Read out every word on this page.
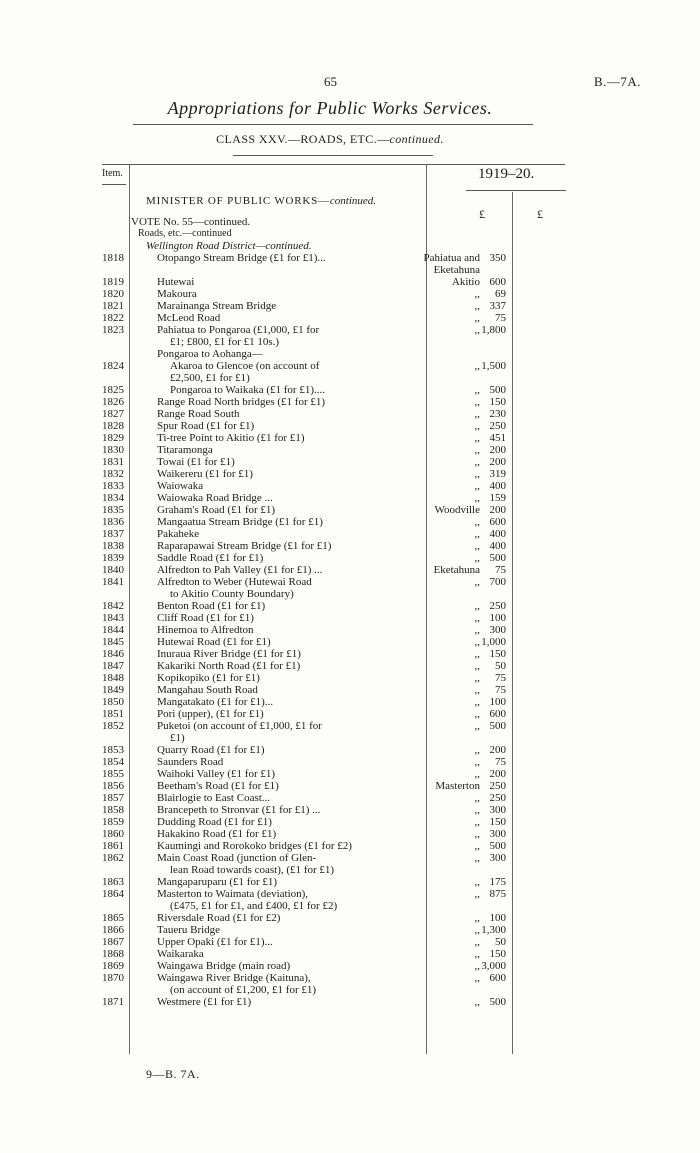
65	B.—7A.
Appropriations for Public Works Services.
CLASS XXV.—ROADS, ETC.—continued.
Item.	1919–20.
£	£
MINISTER OF PUBLIC WORKS—continued.
VOTE No. 55—continued.
Roads, etc.—continued
Wellington Road District—continued.
1818	Otopango Stream Bridge (£1 for £1)...	Pahiatua and 350
Eketahuna
1819	Hutewai	Akitio 600
1820	Makoura	,,	69
1821	Marainanga Stream Bridge	,, 337
1822	McLeod Road	,,	75
1823	Pahiatua to Pongaroa (£1,000, £1 for	,, 1,800
£1; £800, £1 for £1 10s.)
Pongaroa to Aohanga—
1824	Akaroa to Glencoe (on account of	,, 1,500
£2,500, £1 for £1)
1825	Pongaroa to Waikaka (£1 for £1)....	,, 500
1826	Range Road North bridges (£1 for £1)	,, 150
1827	Range Road South	,, 230
1828	Spur Road (£1 for £1)	,, 250
1829	Ti-tree Point to Akitio (£1 for £1)	,, 451
1830	Titaramonga	,, 200
1831	Towai (£1 for £1)	,, 200
1832	Waikereru (£1 for £1)	,, 319
1833	Waiowaka	,, 400
1834	Waiowaka Road Bridge ...	,, 159
1835	Graham's Road (£1 for £1)	Woodville 200
1836	Mangaatua Stream Bridge (£1 for £1)	,, 600
1837	Pakaheke	,, 400
1838	Raparapawai Stream Bridge (£1 for £1)	,, 400
1839	Saddle Road (£1 for £1)	,, 500
1840	Alfredton to Pah Valley (£1 for £1) ...	Eketahuna	75
1841	Alfredton to Weber (Hutewai Road	,, 700
to Akitio County Boundary)
1842	Benton Road (£1 for £1)	,, 250
1843	Cliff Road (£1 for £1)	,, 100
1844	Hinemoa to Alfredton	,, 300
1845	Hutewai Road (£1 for £1)	,, 1,000
1846	Inuraua River Bridge (£1 for £1)	,, 150
1847	Kakariki North Road (£1 for £1)	,,	50
1848	Kopikopiko (£1 for £1)	,,	75
1849	Mangahau South Road	,,	75
1850	Mangatakato (£1 for £1)...	,, 100
1851	Pori (upper), (£1 for £1)	,, 600
1852	Puketoi (on account of £1,000, £1 for	,, 500
£1)
1853	Quarry Road (£1 for £1)	,, 200
1854	Saunders Road	,,	75
1855	Waihoki Valley (£1 for £1)	,, 200
1856	Beetham's Road (£1 for £1)	Masterton 250
1857	Blairlogie to East Coast...	,, 250
1858	Brancepeth to Stronvar (£1 for £1) ...	,, 300
1859	Dudding Road (£1 for £1)	,, 150
1860	Hakakino Road (£1 for £1)	,, 300
1861	Kaumingi and Rorokoko bridges (£1 for £2)	,, 500
1862	Main Coast Road (junction of Glen-	,, 300
lean Road towards coast), (£1 for £1)
1863	Mangaparuparu (£1 for £1)	,, 175
1864	Masterton to Waimata (deviation),	,, 875
(£475, £1 for £1, and £400, £1 for £2)
1865	Riversdale Road (£1 for £2)	,, 100
1866	Taueru Bridge	,, 1,300
1867	Upper Opaki (£1 for £1)...	,,	50
1868	Waikaraka	,, 150
1869	Waingawa Bridge (main road)	,, 3,000
1870	Waingawa River Bridge (Kaituna),	,, 600
(on account of £1,200, £1 for £1)
1871	Westmere (£1 for £1)	,, 500
9—B. 7A.
